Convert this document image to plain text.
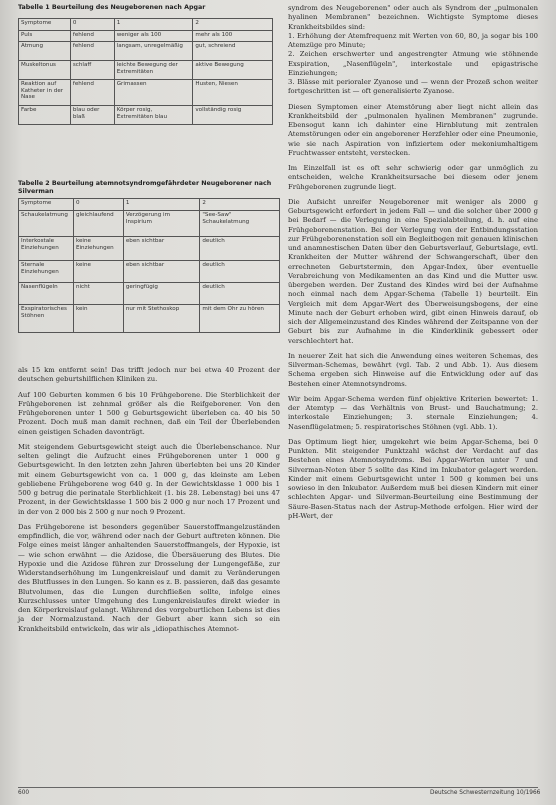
Tabelle 1 Beurteilung des Neugeborenen nach Apgar
Symptome	0	1	2
Puls	fehlend	weniger als 100	mehr als 100
Atmung	fehlend	langsam, unregelmäßig	gut, schreiend
Muskeltonus	schlaff	leichte Bewegung der Extremitäten	aktive Bewegung
Reaktion auf Katheter in der Nase	fehlend	Grimassen	Husten, Niesen
Farbe	blau oder blaß	Körper rosig, Extremitäten blau	vollständig rosig
Tabelle 2 Beurteilung atemnotsyndromgefährdeter Neugeborener nach Silverman
Symptome	0	1	2
Schaukelatmung	gleichlaufend	Verzögerung im Inspirium	"See-Saw" Schaukelatmung
Interkostale Einziehungen	keine Einziehungen	eben sichtbar	deutlich
Sternale Einziehungen	keine	eben sichtbar	deutlich
Nasenflügeln	nicht	geringfügig	deutlich
Exspiratorisches Stöhnen	kein	nur mit Stethoskop	mit dem Ohr zu hören

als 15 km entfernt sein! Das trifft jedoch nur bei etwa 40 Prozent der deutschen geburtshilflichen Kliniken zu.

Auf 100 Geburten kommen 6 bis 10 Frühgeborene. Die Sterblichkeit der Frühgeborenen ist zehnmal größer als die Reifgeborener. Von den Frühgeborenen unter 1 500 g Geburtsgewicht überleben ca. 40 bis 50 Prozent. Doch muß man damit rechnen, daß ein Teil der Überlebenden einen geistigen Schaden davonträgt.

Mit steigendem Geburtsgewicht steigt auch die Überlebenschance. Nur selten gelingt die Aufzucht eines Frühgeborenen unter 1 000 g Geburtsgewicht. In den letzten zehn Jahren überlebten bei uns 20 Kinder mit einem Geburtsgewicht von ca. 1 000 g, das kleinste am Leben gebliebene Frühgeborene wog 640 g. In der Gewichtsklasse 1 000 bis 1 500 g betrug die perinatale Sterblichkeit (1. bis 28. Lebenstag) bei uns 47 Prozent, in der Gewichtsklasse 1 500 bis 2 000 g nur noch 17 Prozent und in der von 2 000 bis 2 500 g nur noch 9 Prozent.

Das Frühgeborene ist besonders gegenüber Sauerstoffmangelzuständen empfindlich, die vor, während oder nach der Geburt auftreten können. Die Folge eines meist länger anhaltenden Sauerstoffmangels, der Hypoxie, ist — wie schon erwähnt — die Azidose, die Übersäuerung des Blutes. Die Hypoxie und die Azidose führen zur Drosselung der Lungengefäße, zur Widerstandserhöhung im Lungenkreislauf und damit zu Veränderungen des Blutflusses in den Lungen. So kann es z. B. passieren, daß das gesamte Blutvolumen, das die Lungen durchfließen sollte, infolge eines Kurzschlusses unter Umgehung des Lungenkreislaufes direkt wieder in den Körperkreislauf gelangt. Während des vorgeburtlichen Lebens ist dies ja der Normalzustand. Nach der Geburt aber kann sich so ein Krankheitsbild entwickeln, das wir als „idiopathisches Atemnot-

syndrom des Neugeborenen" oder auch als Syndrom der „pulmonalen hyalinen Membranen" bezeichnen. Wichtigste Symptome dieses Krankheitsbildes sind:

1. Erhöhung der Atemfrequenz mit Werten von 60, 80, ja sogar bis 100 Atemzüge pro Minute;

2. Zeichen erschwerter und angestrengter Atmung wie stöhnende Exspiration, „Nasenflügeln", interkostale und epigastrische Einziehungen;

3. Blässe mit perioraler Zyanose und — wenn der Prozeß schon weiter fortgeschritten ist — oft generalisierte Zyanose.

Diesen Symptomen einer Atemstörung aber liegt nicht allein das Krankheitsbild der „pulmonalen hyalinen Membranen" zugrunde. Ebensogut kann ich dahinter eine Hirnblutung mit zentralen Atemstörungen oder ein angeborener Herzfehler oder eine Pneumonie, wie sie nach Aspiration von infiziertem oder mekoniumhaltigem Fruchtwasser entsteht, verstecken.

Im Einzelfall ist es oft sehr schwierig oder gar unmöglich zu entscheiden, welche Krankheitsursache bei diesem oder jenem Frühgeborenen zugrunde liegt.

Die Aufsicht unreifer Neugeborener mit weniger als 2000 g Geburtsgewicht erfordert in jedem Fall — und die solcher über 2000 g bei Bedarf — die Verlegung in eine Spezialabteilung, d. h. auf eine Frühgeborenenstation. Bei der Verlegung von der Entbindungsstation zur Frühgeborenenstation soll ein Begleitbogen mit genauen klinischen und anamnestischen Daten über den Geburtsverlauf, Geburtslage, evtl. Krankheiten der Mutter während der Schwangerschaft, über den errechneten Geburtstermin, den Apgar-Index, über eventuelle Verabreichung von Medikamenten an das Kind und die Mutter usw. übergeben werden. Der Zustand des Kindes wird bei der Aufnahme noch einmal nach dem Apgar-Schema (Tabelle 1) beurteilt. Ein Vergleich mit dem Apgar-Wert des Überweisungsbogens, der eine Minute nach der Geburt erhoben wird, gibt einen Hinweis darauf, ob sich der Allgemeinzustand des Kindes während der Zeitspanne von der Geburt bis zur Aufnahme in die Kinderklinik gebessert oder verschlechtert hat.

In neuerer Zeit hat sich die Anwendung eines weiteren Schemas, des Silverman-Schemas, bewährt (vgl. Tab. 2 und Abb. 1). Aus diesem Schema ergeben sich Hinweise auf die Entwicklung oder auf das Bestehen einer Atemnotsyndroms.

Wir beim Apgar-Schema werden fünf objektive Kriterien bewertet: 1. der Atemtyp — das Verhältnis von Brust- und Bauchatmung; 2. interkostale Einziehungen; 3. sternale Einziehungen; 4. Nasenflügelatmen; 5. respiratorisches Stöhnen (vgl. Abb. 1).

Das Optimum liegt hier, umgekehrt wie beim Apgar-Schema, bei 0 Punkten. Mit steigender Punktzahl wächst der Verdacht auf das Bestehen eines Atemnotsyndroms. Bei Apgar-Werten unter 7 und Silverman-Noten über 5 sollte das Kind im Inkubator gelagert werden. Kinder mit einem Geburtsgewicht unter 1 500 g kommen bei uns sowieso in den Inkubator. Außerdem muß bei diesen Kindern mit einer schlechten Apgar- und Silverman-Beurteilung eine Bestimmung der Säure-Basen-Status nach der Astrup-Methode erfolgen. Hier wird der pH-Wert, der

600	Deutsche Schwesternzeitung 10/1966
